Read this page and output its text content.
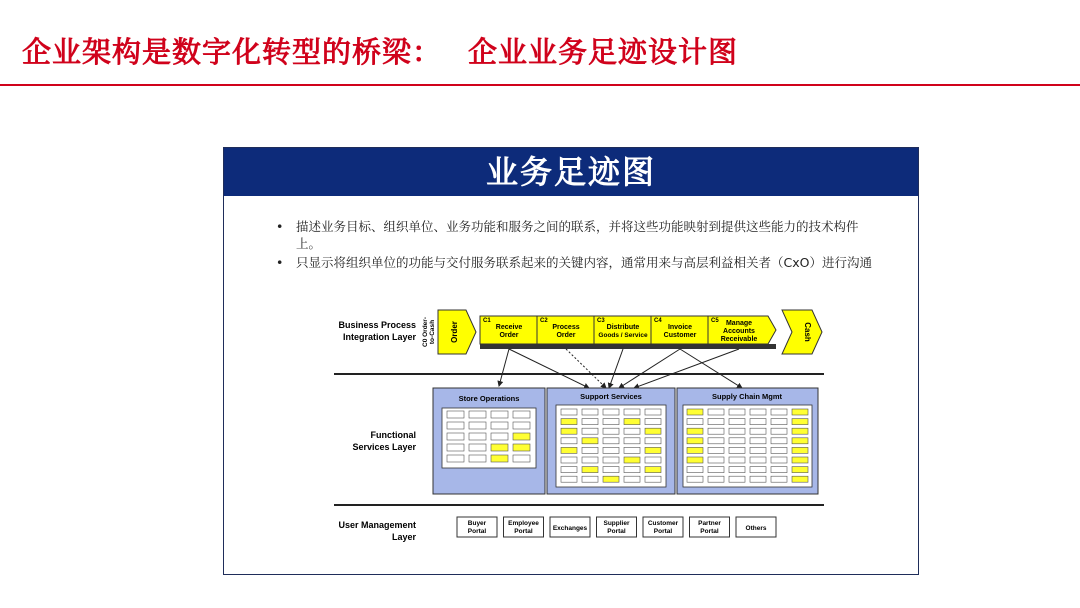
企业架构是数字化转型的桥梁： 企业业务足迹设计图
业务足迹图
• 描述业务目标、组织单位、业务功能和服务之间的联系，并将这些功能映射到提供这些能力的技术构件上。
• 只显示将组织单位的功能与交付服务联系起来的关键内容，通常用来与高层利益相关者（CxO）进行沟通
Business Process
Integration Layer
Functional
Services Layer
User Management
Layer
Order
C0 Order- to-Cash	C1
Receive
Order
C2
Process
Order
C3
Distribute
Goods / Service
C4
Invoice
Customer
C5 Manage
Accounts
Receivable	Cash
Store Operations	Support Services	Supply Chain Mgmt
Buyer
Portal
Employee
Portal	Exchanges
Supplier
Portal
Customer
Portal
Partner
Portal	Others
